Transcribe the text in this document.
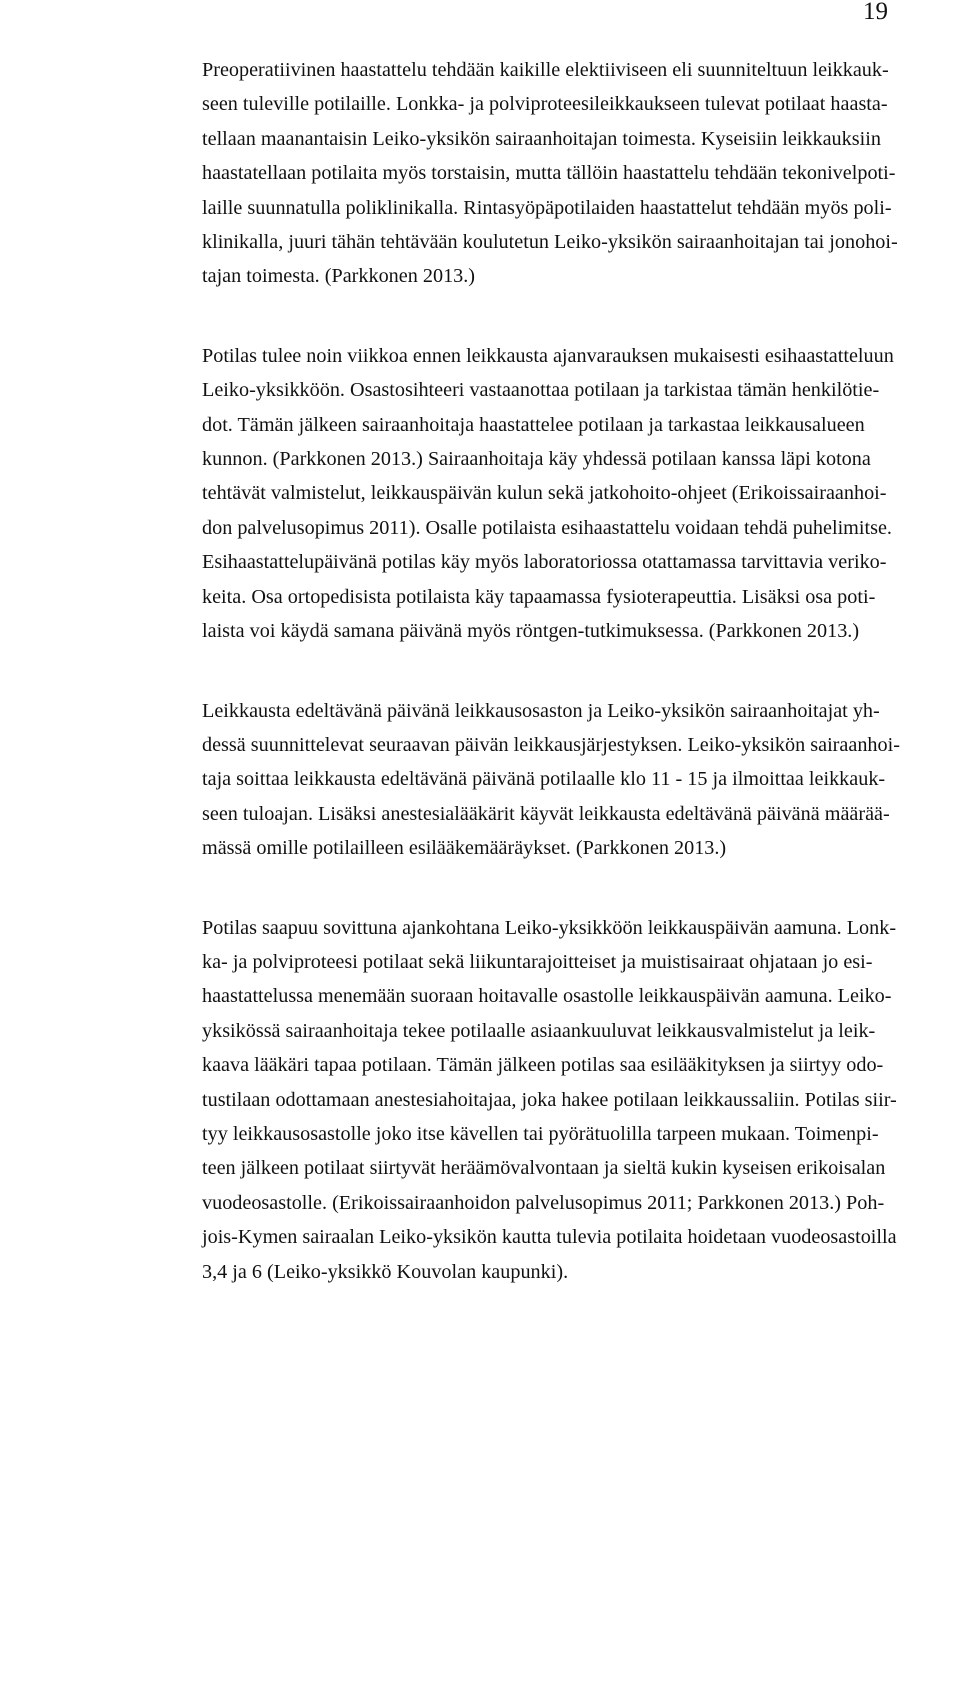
19

Preoperatiivinen haastattelu tehdään kaikille elektiiviseen eli suunniteltuun leikkauk-
seen tuleville potilaille. Lonkka- ja polviproteesileikkaukseen tulevat potilaat haasta-
tellaan maanantaisin Leiko-yksikön sairaanhoitajan toimesta. Kyseisiin leikkauksiin
haastatellaan potilaita myös torstaisin, mutta tällöin haastattelu tehdään tekonivelpoti-
laille suunnatulla poliklinikalla. Rintasyöpäpotilaiden haastattelut tehdään myös poli-
klinikalla, juuri tähän tehtävään koulutetun Leiko-yksikön sairaanhoitajan tai jonohoi-
tajan toimesta. (Parkkonen 2013.)

Potilas tulee noin viikkoa ennen leikkausta ajanvarauksen mukaisesti esihaastatteluun
Leiko-yksikköön. Osastosihteeri vastaanottaa potilaan ja tarkistaa tämän henkilötie-
dot. Tämän jälkeen sairaanhoitaja haastattelee potilaan ja tarkastaa leikkausalueen
kunnon. (Parkkonen 2013.) Sairaanhoitaja käy yhdessä potilaan kanssa läpi kotona
tehtävät valmistelut, leikkauspäivän kulun sekä jatkohoito-ohjeet (Erikoissairaanhoi-
don palvelusopimus 2011). Osalle potilaista esihaastattelu voidaan tehdä puhelimitse.
Esihaastattelupäivänä potilas käy myös laboratoriossa otattamassa tarvittavia veriko-
keita. Osa ortopedisista potilaista käy tapaamassa fysioterapeuttia. Lisäksi osa poti-
laista voi käydä samana päivänä myös röntgen-tutkimuksessa. (Parkkonen 2013.)

Leikkausta edeltävänä päivänä leikkausosaston ja Leiko-yksikön sairaanhoitajat yh-
dessä suunnittelevat seuraavan päivän leikkausjärjestyksen. Leiko-yksikön sairaanhoi-
taja soittaa leikkausta edeltävänä päivänä potilaalle klo 11 - 15 ja ilmoittaa leikkauk-
seen tuloajan. Lisäksi anestesialääkärit käyvät leikkausta edeltävänä päivänä määrää-
mässä omille potilailleen esilääkemääräykset. (Parkkonen 2013.)

Potilas saapuu sovittuna ajankohtana Leiko-yksikköön leikkauspäivän aamuna. Lonk-
ka- ja polviproteesi potilaat sekä liikuntarajoitteiset ja muistisairaat ohjataan jo esi-
haastattelussa menemään suoraan hoitavalle osastolle leikkauspäivän aamuna. Leiko-
yksikössä sairaanhoitaja tekee potilaalle asiaankuuluvat leikkausvalmistelut ja leik-
kaava lääkäri tapaa potilaan. Tämän jälkeen potilas saa esilääkityksen ja siirtyy odo-
tustilaan odottamaan anestesiahoitajaa, joka hakee potilaan leikkaussaliin. Potilas siir-
tyy leikkausosastolle joko itse kävellen tai pyörätuolilla tarpeen mukaan. Toimenpi-
teen jälkeen potilaat siirtyvät heräämövalvontaan ja sieltä kukin kyseisen erikoisalan
vuodeosastolle. (Erikoissairaanhoidon palvelusopimus 2011; Parkkonen 2013.) Poh-
jois-Kymen sairaalan Leiko-yksikön kautta tulevia potilaita hoidetaan vuodeosastoilla
3,4 ja 6 (Leiko-yksikkö Kouvolan kaupunki).
